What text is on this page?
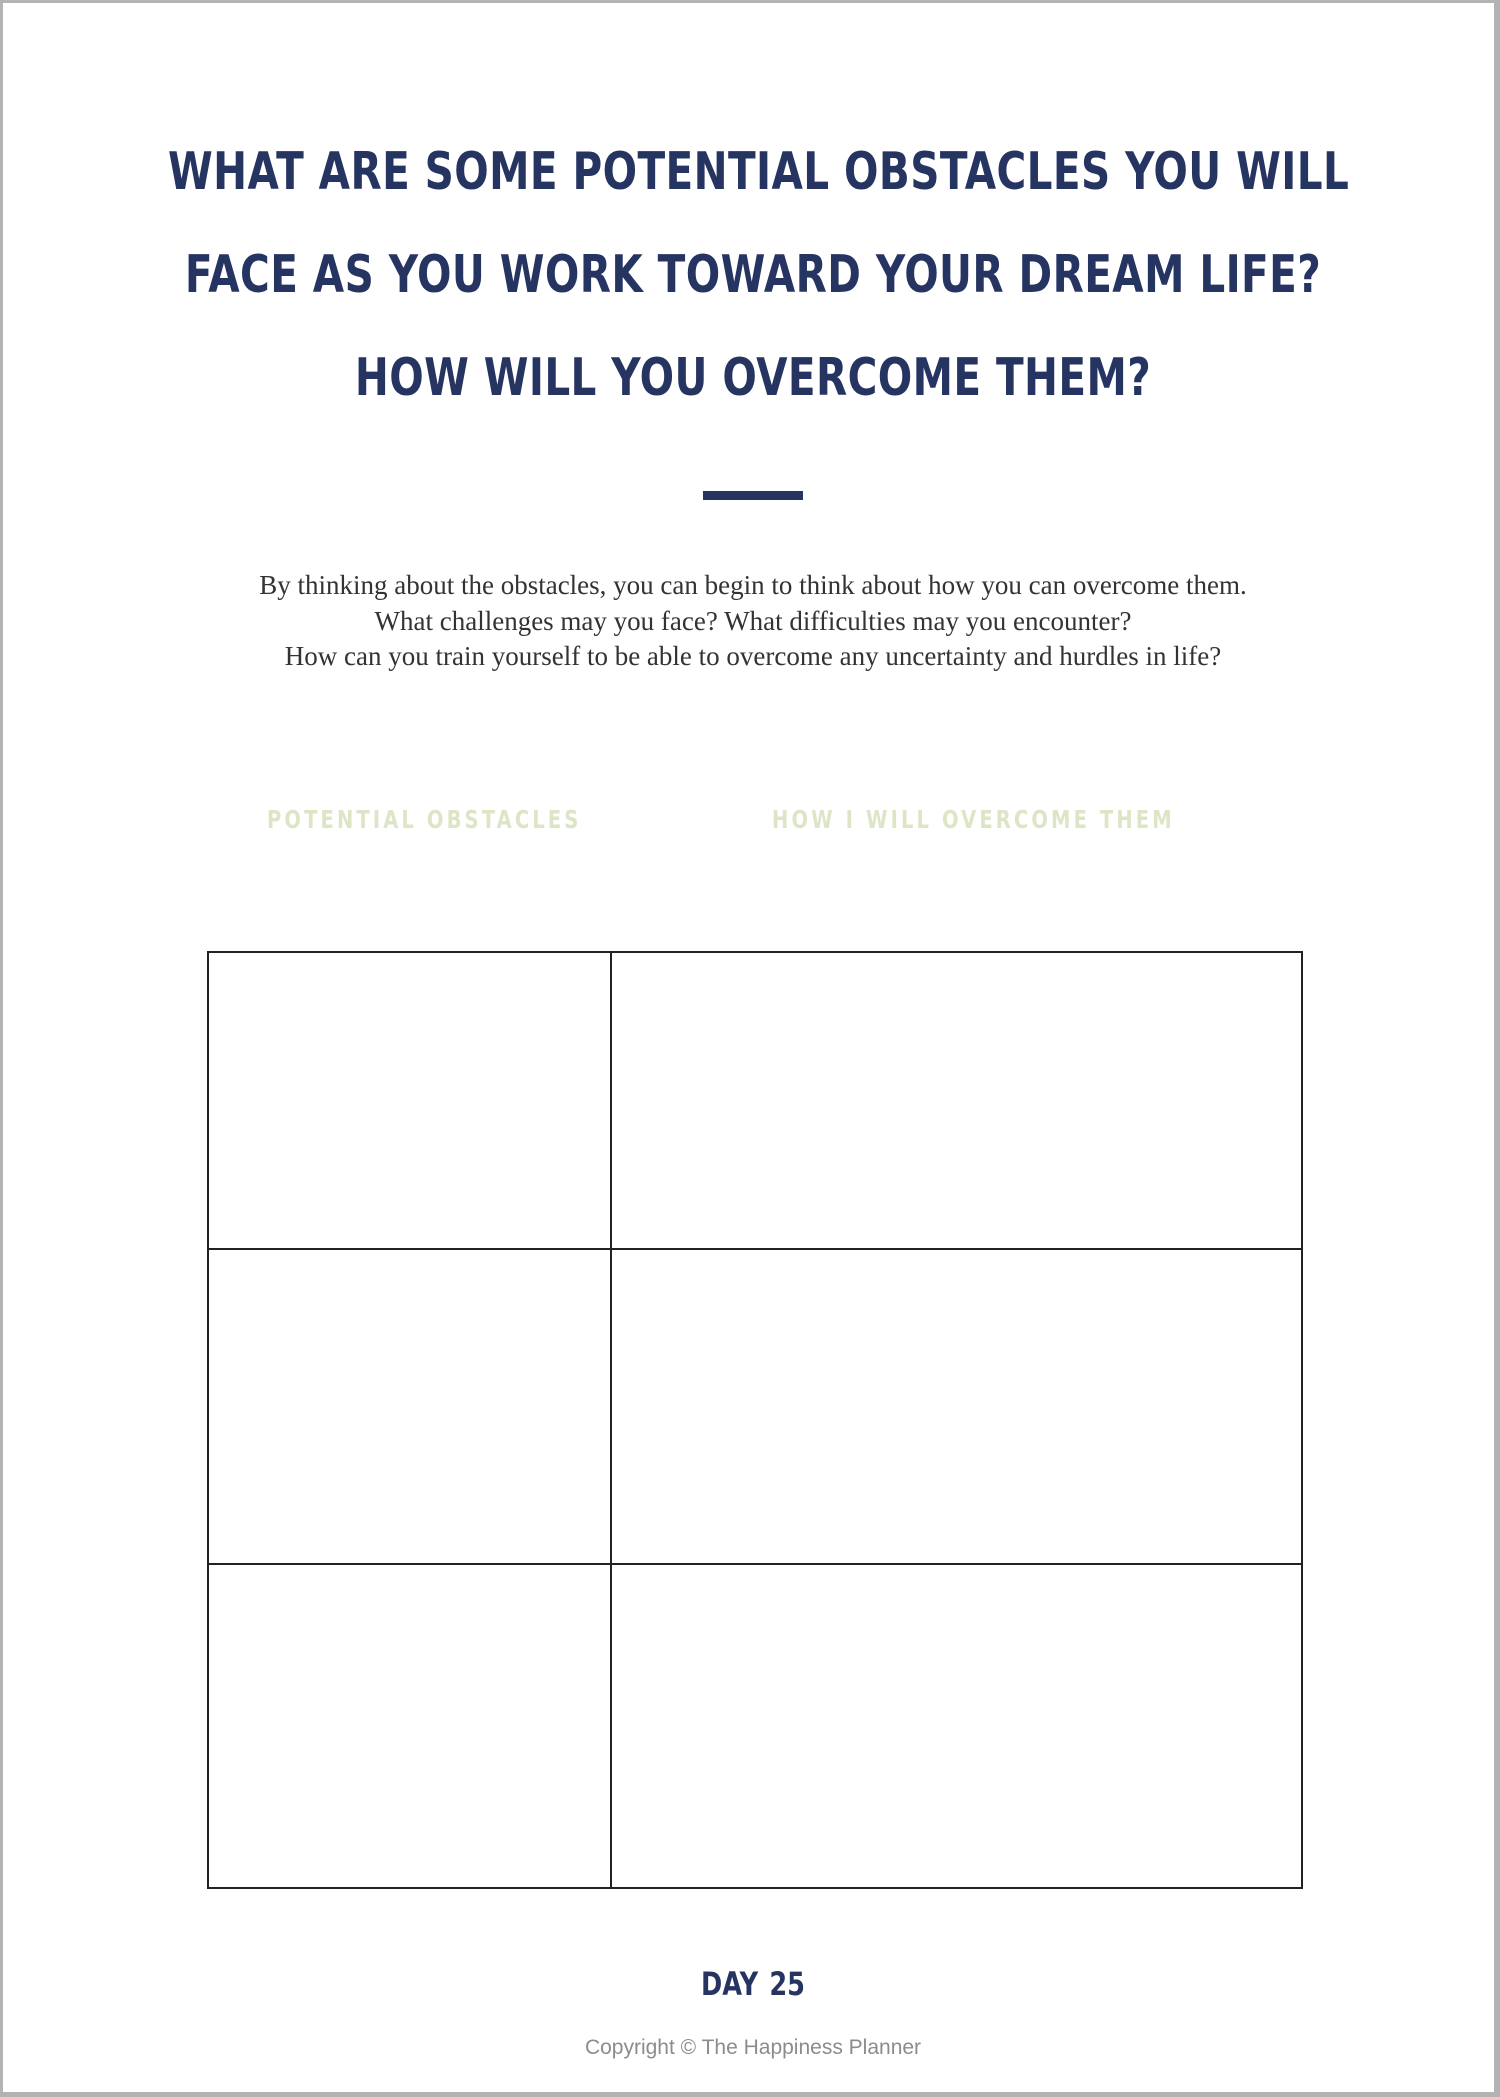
WHAT ARE SOME POTENTIAL OBSTACLES YOU WILL
FACE AS YOU WORK TOWARD YOUR DREAM LIFE?
HOW WILL YOU OVERCOME THEM?
By thinking about the obstacles, you can begin to think about how you can overcome them.
What challenges may you face? What difficulties may you encounter?
How can you train yourself to be able to overcome any uncertainty and hurdles in life?
POTENTIAL OBSTACLES	HOW I WILL OVERCOME THEM
DAY 25
Copyright © The Happiness Planner
